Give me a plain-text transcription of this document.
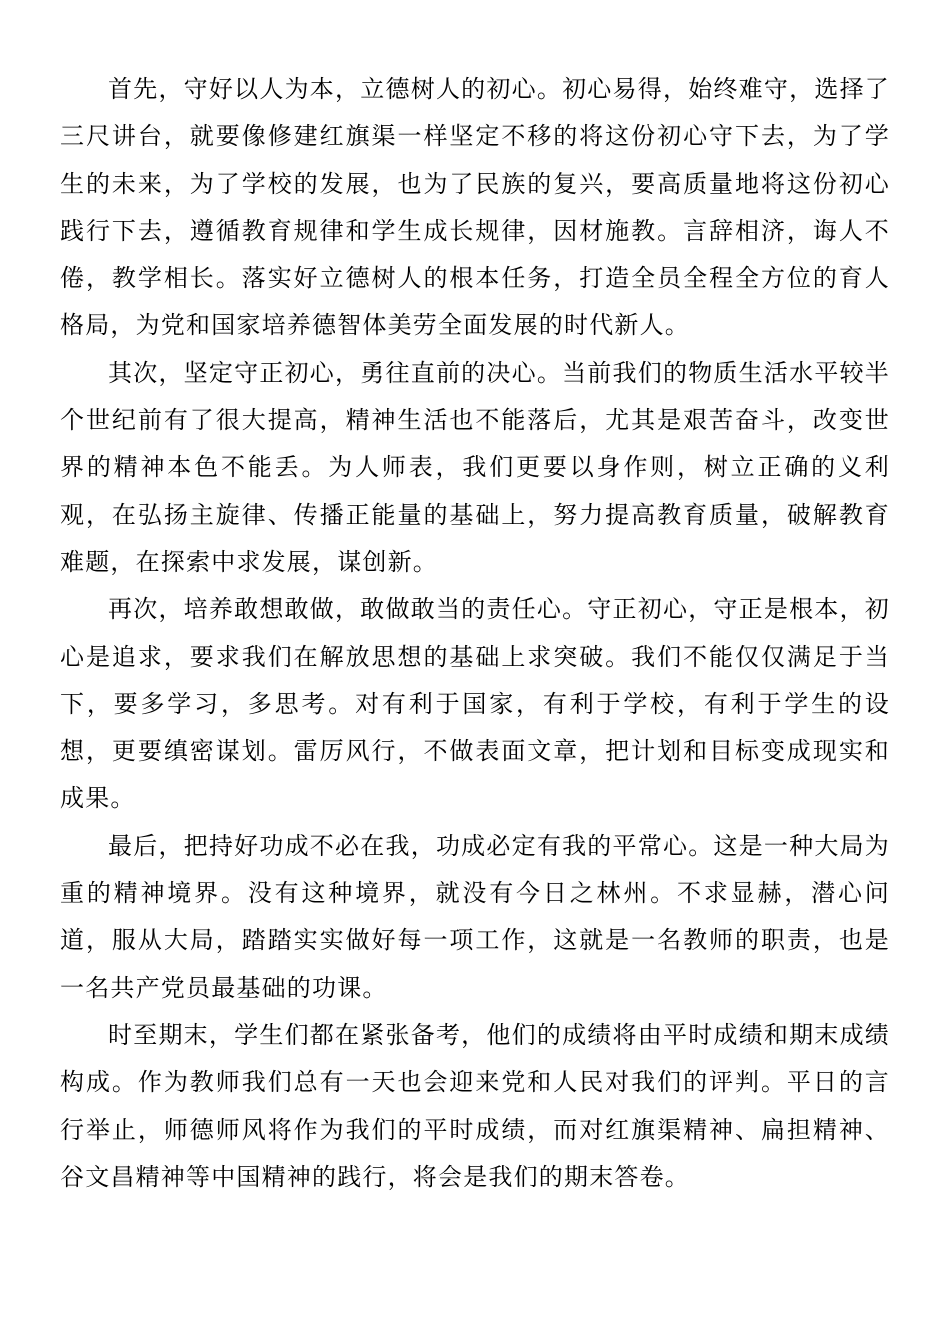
首先，守好以人为本，立德树人的初心。初心易得，始终难守，选择了三尺讲台，就要像修建红旗渠一样坚定不移的将这份初心守下去，为了学生的未来，为了学校的发展，也为了民族的复兴，要高质量地将这份初心践行下去，遵循教育规律和学生成长规律，因材施教。言辞相济，诲人不倦，教学相长。落实好立德树人的根本任务，打造全员全程全方位的育人格局，为党和国家培养德智体美劳全面发展的时代新人。

其次，坚定守正初心，勇往直前的决心。当前我们的物质生活水平较半个世纪前有了很大提高，精神生活也不能落后，尤其是艰苦奋斗，改变世界的精神本色不能丢。为人师表，我们更要以身作则，树立正确的义利观，在弘扬主旋律、传播正能量的基础上，努力提高教育质量，破解教育难题，在探索中求发展，谋创新。

再次，培养敢想敢做，敢做敢当的责任心。守正初心，守正是根本，初心是追求，要求我们在解放思想的基础上求突破。我们不能仅仅满足于当下，要多学习，多思考。对有利于国家，有利于学校，有利于学生的设想，更要缜密谋划。雷厉风行，不做表面文章，把计划和目标变成现实和成果。

最后，把持好功成不必在我，功成必定有我的平常心。这是一种大局为重的精神境界。没有这种境界，就没有今日之林州。不求显赫，潜心问道，服从大局，踏踏实实做好每一项工作，这就是一名教师的职责，也是一名共产党员最基础的功课。

时至期末，学生们都在紧张备考，他们的成绩将由平时成绩和期末成绩构成。作为教师我们总有一天也会迎来党和人民对我们的评判。平日的言行举止，师德师风将作为我们的平时成绩，而对红旗渠精神、扁担精神、谷文昌精神等中国精神的践行，将会是我们的期末答卷。
